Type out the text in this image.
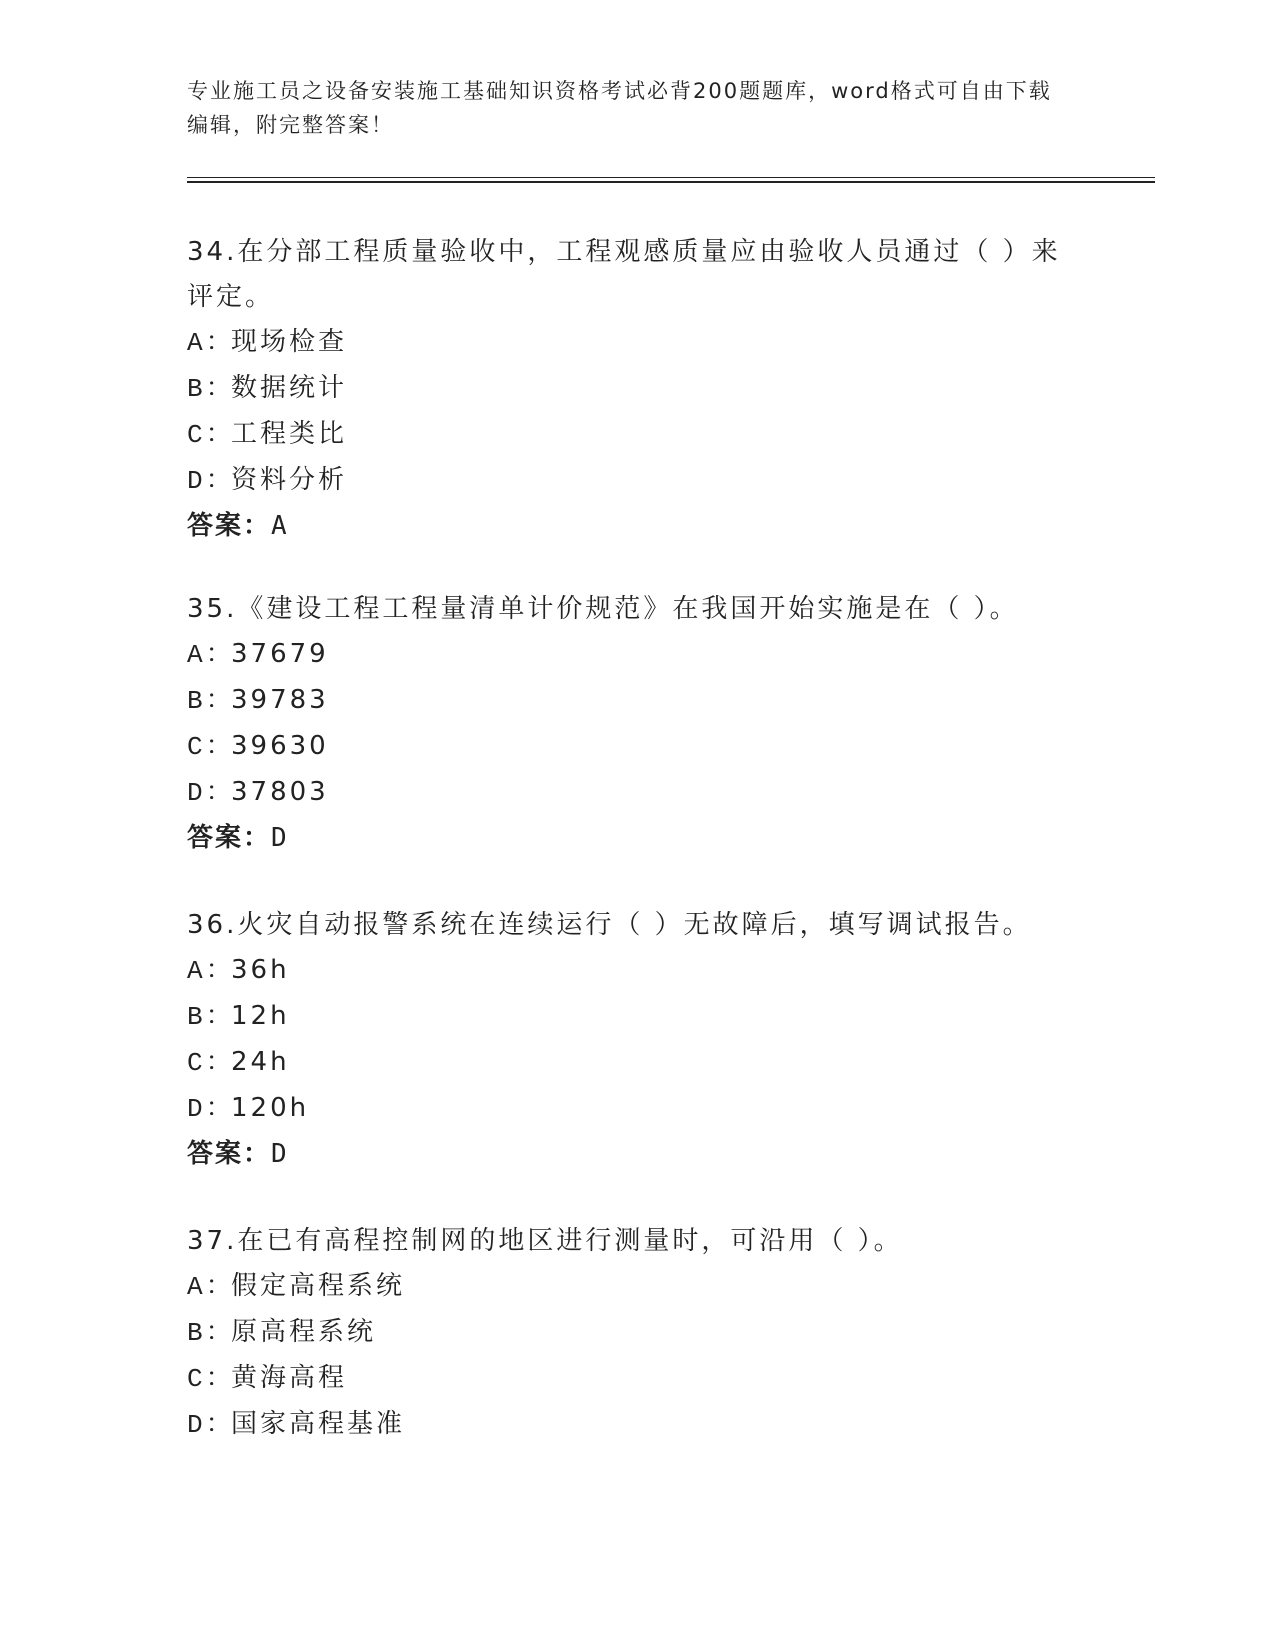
专业施工员之设备安装施工基础知识资格考试必背200题题库，word格式可自由下载编辑，附完整答案！

34.在分部工程质量验收中，工程观感质量应由验收人员通过（ ）来评定。

A：现场检查

B：数据统计

C：工程类比

D：资料分析

答案：A

35.《建设工程工程量清单计价规范》在我国开始实施是在（ ）。

A：37679

B：39783

C：39630

D：37803

答案：D

36.火灾自动报警系统在连续运行（ ）无故障后，填写调试报告。

A：36h

B：12h

C：24h

D：120h

答案：D

37.在已有高程控制网的地区进行测量时，可沿用（ ）。

A：假定高程系统

B：原高程系统

C：黄海高程

D：国家高程基准
